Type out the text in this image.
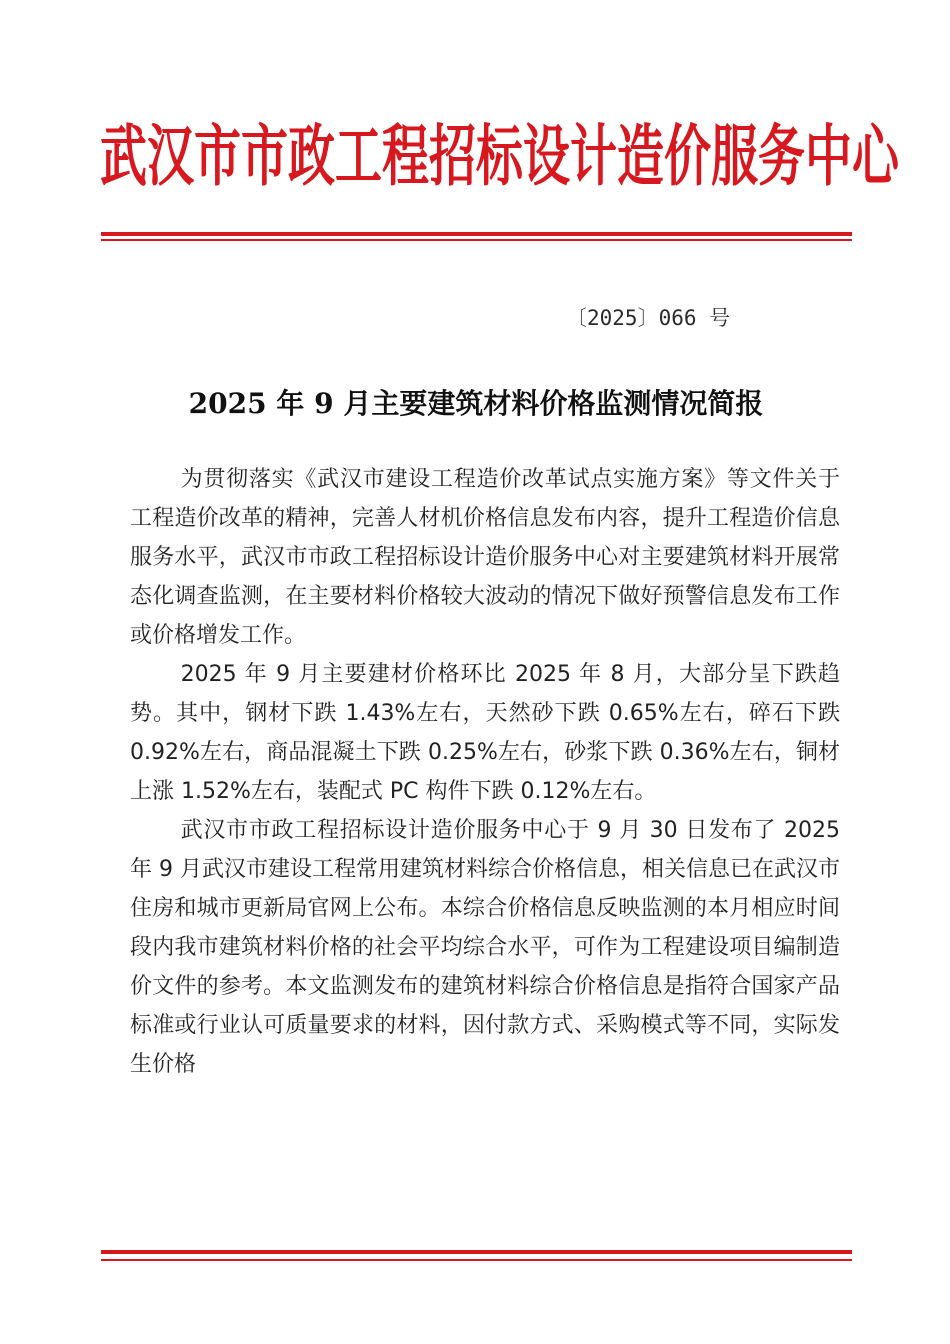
武汉市市政工程招标设计造价服务中心
〔2025〕066 号
2025 年 9 月主要建筑材料价格监测情况简报

为贯彻落实《武汉市建设工程造价改革试点实施方案》等文件关于工程造价改革的精神，完善人材机价格信息发布内容，提升工程造价信息服务水平，武汉市市政工程招标设计造价服务中心对主要建筑材料开展常态化调查监测，在主要材料价格较大波动的情况下做好预警信息发布工作或价格增发工作。

2025 年 9 月主要建材价格环比 2025 年 8 月，大部分呈下跌趋势。其中，钢材下跌 1.43%左右，天然砂下跌 0.65%左右，碎石下跌 0.92%左右，商品混凝土下跌 0.25%左右，砂浆下跌 0.36%左右，铜材上涨 1.52%左右，装配式 PC 构件下跌 0.12%左右。

武汉市市政工程招标设计造价服务中心于 9 月 30 日发布了 2025 年 9 月武汉市建设工程常用建筑材料综合价格信息，相关信息已在武汉市住房和城市更新局官网上公布。本综合价格信息反映监测的本月相应时间段内我市建筑材料价格的社会平均综合水平，可作为工程建设项目编制造价文件的参考。本文监测发布的建筑材料综合价格信息是指符合国家产品标准或行业认可质量要求的材料，因付款方式、采购模式等不同，实际发生价格
